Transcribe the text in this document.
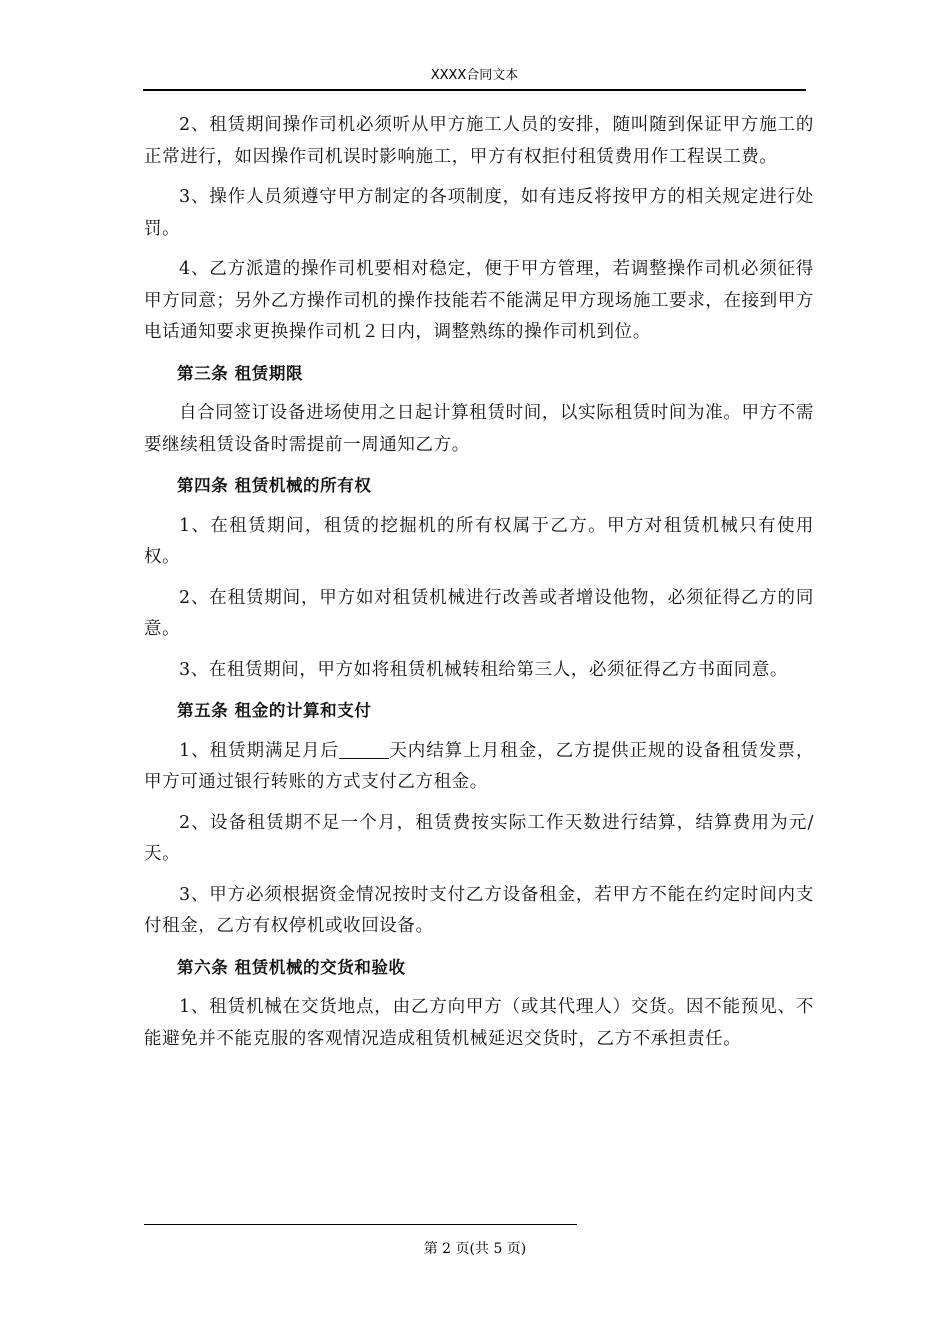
XXXX合同文本

2、租赁期间操作司机必须听从甲方施工人员的安排，随叫随到保证甲方施工的正常进行，如因操作司机误时影响施工，甲方有权拒付租赁费用作工程误工费。

3、操作人员须遵守甲方制定的各项制度，如有违反将按甲方的相关规定进行处罚。

4、乙方派遣的操作司机要相对稳定，便于甲方管理，若调整操作司机必须征得甲方同意；另外乙方操作司机的操作技能若不能满足甲方现场施工要求，在接到甲方电话通知要求更换操作司机２日内，调整熟练的操作司机到位。

第三条 租赁期限

自合同签订设备进场使用之日起计算租赁时间，以实际租赁时间为准。甲方不需要继续租赁设备时需提前一周通知乙方。

第四条 租赁机械的所有权

1、在租赁期间，租赁的挖掘机的所有权属于乙方。甲方对租赁机械只有使用权。

2、在租赁期间，甲方如对租赁机械进行改善或者增设他物，必须征得乙方的同意。

3、在租赁期间，甲方如将租赁机械转租给第三人，必须征得乙方书面同意。

第五条 租金的计算和支付

1、租赁期满足月后	天内结算上月租金，乙方提供正规的设备租赁发票，甲方可通过银行转账的方式支付乙方租金。

2、设备租赁期不足一个月，租赁费按实际工作天数进行结算，结算费用为元/天。

3、甲方必须根据资金情况按时支付乙方设备租金，若甲方不能在约定时间内支付租金，乙方有权停机或收回设备。

第六条 租赁机械的交货和验收

1、租赁机械在交货地点，由乙方向甲方（或其代理人）交货。因不能预见、不能避免并不能克服的客观情况造成租赁机械延迟交货时，乙方不承担责任。

第 2 页(共 5 页)
